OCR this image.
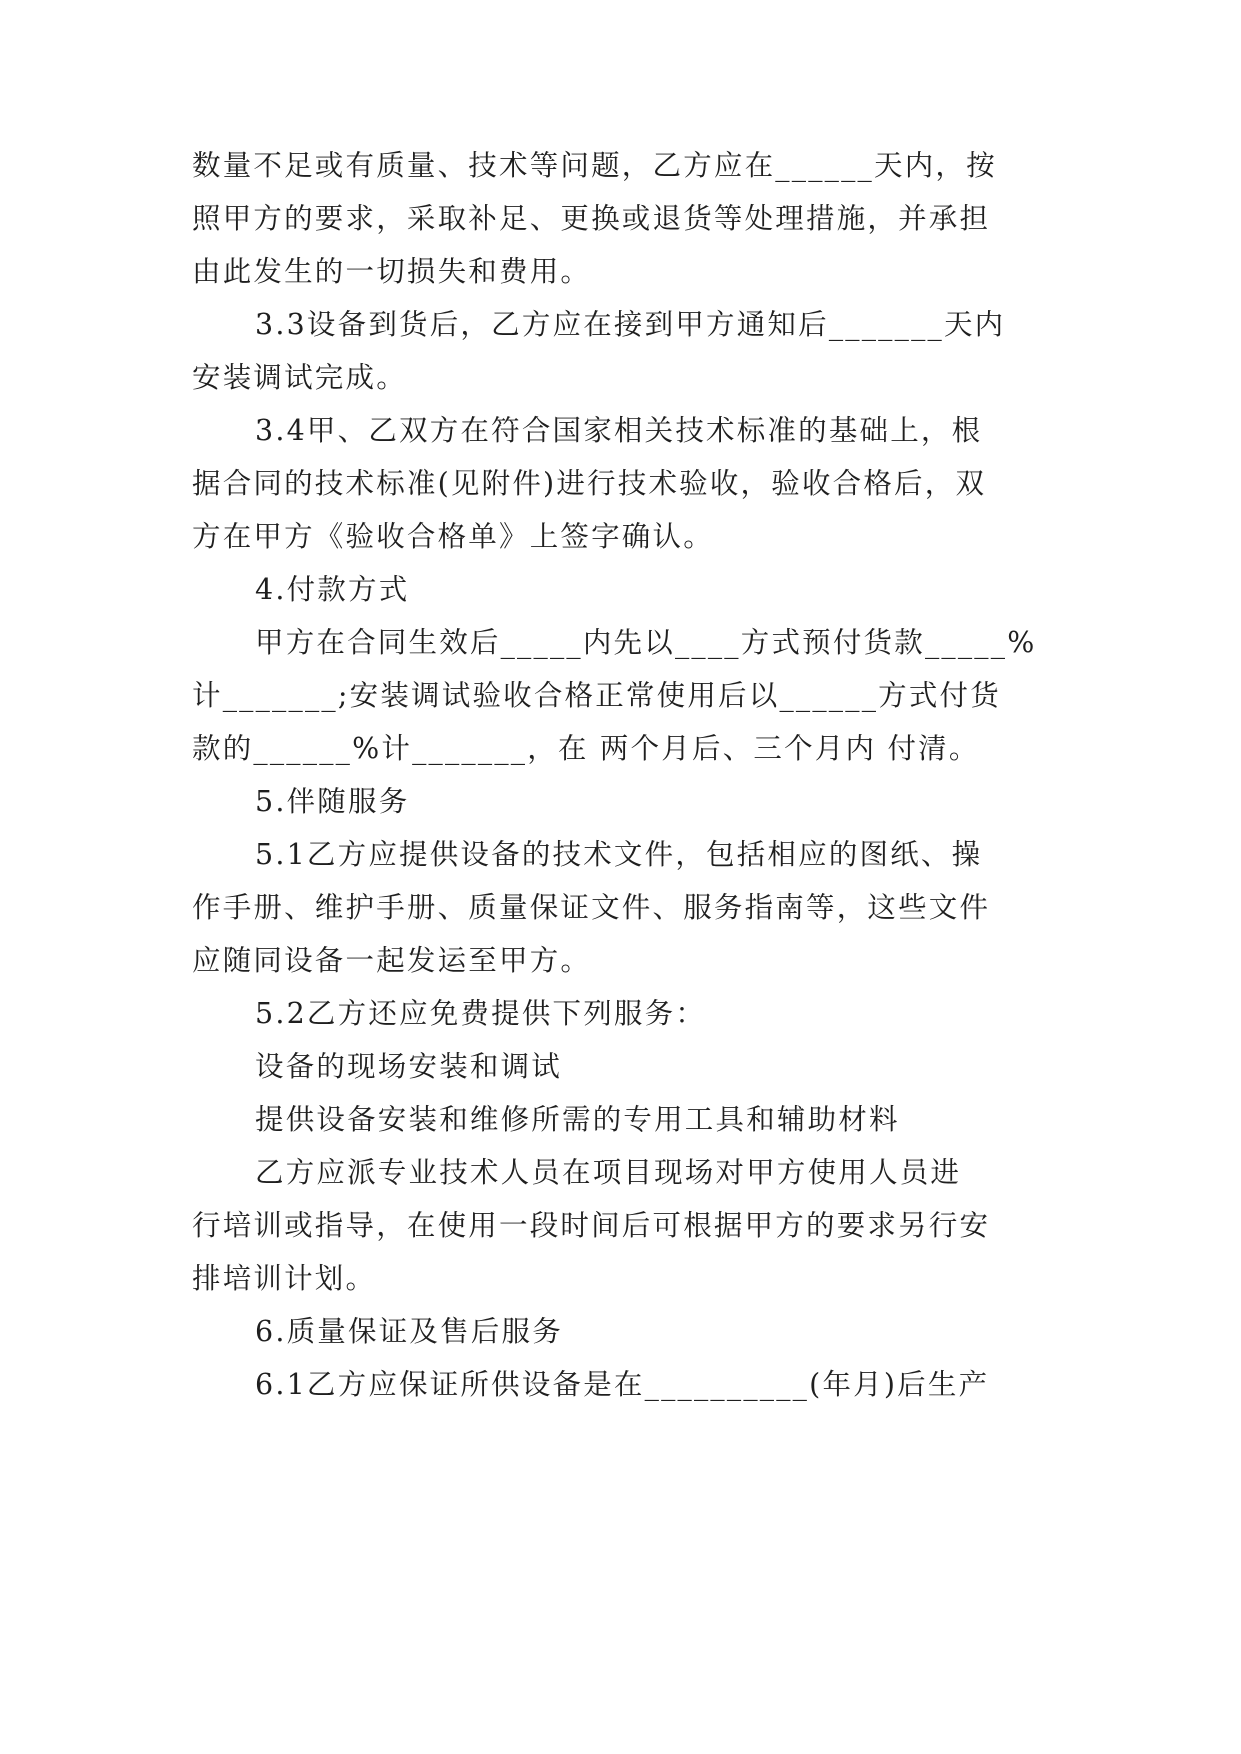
数量不足或有质量、技术等问题，乙方应在______天内，按
照甲方的要求，采取补足、更换或退货等处理措施，并承担
由此发生的一切损失和费用。
3.3设备到货后，乙方应在接到甲方通知后_______天内
安装调试完成。
3.4甲、乙双方在符合国家相关技术标准的基础上，根
据合同的技术标准(见附件)进行技术验收，验收合格后，双
方在甲方《验收合格单》上签字确认。
4.付款方式
甲方在合同生效后_____内先以____方式预付货款_____%
计_______;安装调试验收合格正常使用后以______方式付货
款的______%计_______，在 两个月后、三个月内 付清。
5.伴随服务
5.1乙方应提供设备的技术文件，包括相应的图纸、操
作手册、维护手册、质量保证文件、服务指南等，这些文件
应随同设备一起发运至甲方。
5.2乙方还应免费提供下列服务：
设备的现场安装和调试
提供设备安装和维修所需的专用工具和辅助材料
乙方应派专业技术人员在项目现场对甲方使用人员进
行培训或指导，在使用一段时间后可根据甲方的要求另行安
排培训计划。
6.质量保证及售后服务
6.1乙方应保证所供设备是在__________(年月)后生产
